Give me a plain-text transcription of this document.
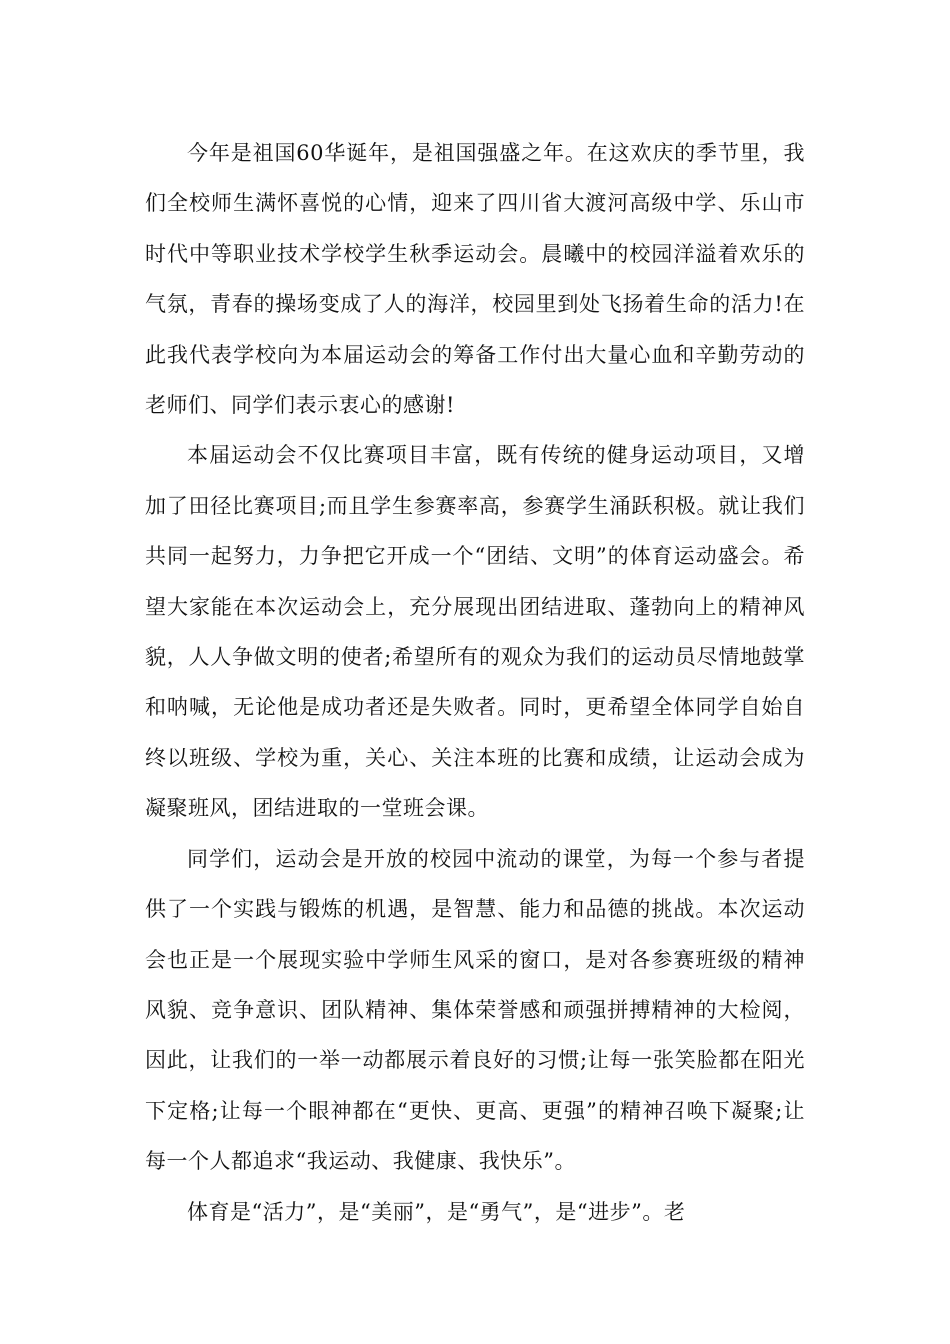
今年是祖国60华诞年，是祖国强盛之年。在这欢庆的季节里，我们全校师生满怀喜悦的心情，迎来了四川省大渡河高级中学、乐山市时代中等职业技术学校学生秋季运动会。晨曦中的校园洋溢着欢乐的气氛，青春的操场变成了人的海洋，校园里到处飞扬着生命的活力!在此我代表学校向为本届运动会的筹备工作付出大量心血和辛勤劳动的老师们、同学们表示衷心的感谢!

本届运动会不仅比赛项目丰富，既有传统的健身运动项目，又增加了田径比赛项目;而且学生参赛率高，参赛学生涌跃积极。就让我们共同一起努力，力争把它开成一个“团结、文明”的体育运动盛会。希望大家能在本次运动会上，充分展现出团结进取、蓬勃向上的精神风貌，人人争做文明的使者;希望所有的观众为我们的运动员尽情地鼓掌和呐喊，无论他是成功者还是失败者。同时，更希望全体同学自始自终以班级、学校为重，关心、关注本班的比赛和成绩，让运动会成为凝聚班风，团结进取的一堂班会课。

同学们，运动会是开放的校园中流动的课堂，为每一个参与者提供了一个实践与锻炼的机遇，是智慧、能力和品德的挑战。本次运动会也正是一个展现实验中学师生风采的窗口，是对各参赛班级的精神风貌、竞争意识、团队精神、集体荣誉感和顽强拼搏精神的大检阅，因此，让我们的一举一动都展示着良好的习惯;让每一张笑脸都在阳光下定格;让每一个眼神都在“更快、更高、更强”的精神召唤下凝聚;让每一个人都追求“我运动、我健康、我快乐”。

体育是“活力”，是“美丽”，是“勇气”，是“进步”。老
